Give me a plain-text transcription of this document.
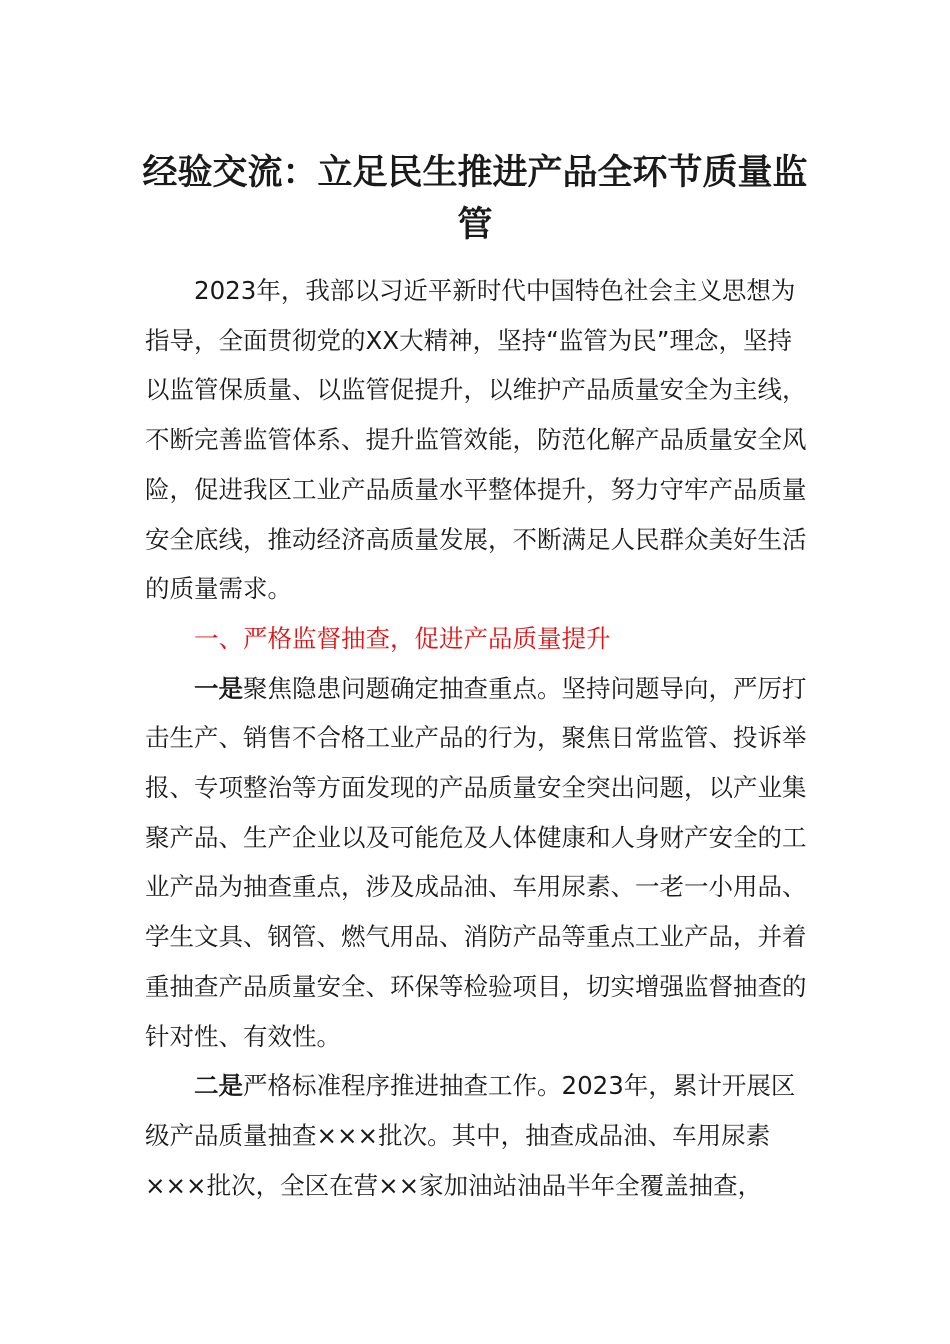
经验交流：立足民生推进产品全环节质量监管

2023年，我部以习近平新时代中国特色社会主义思想为指导，全面贯彻党的XX大精神，坚持“监管为民”理念，坚持以监管保质量、以监管促提升，以维护产品质量安全为主线，不断完善监管体系、提升监管效能，防范化解产品质量安全风险，促进我区工业产品质量水平整体提升，努力守牢产品质量安全底线，推动经济高质量发展，不断满足人民群众美好生活的质量需求。

一、严格监督抽查，促进产品质量提升

一是聚焦隐患问题确定抽查重点。坚持问题导向，严厉打击生产、销售不合格工业产品的行为，聚焦日常监管、投诉举报、专项整治等方面发现的产品质量安全突出问题，以产业集聚产品、生产企业以及可能危及人体健康和人身财产安全的工业产品为抽查重点，涉及成品油、车用尿素、一老一小用品、学生文具、钢管、燃气用品、消防产品等重点工业产品，并着重抽查产品质量安全、环保等检验项目，切实增强监督抽查的针对性、有效性。

二是严格标准程序推进抽查工作。2023年，累计开展区级产品质量抽查×××批次。其中，抽查成品油、车用尿素×××批次，全区在营××家加油站油品半年全覆盖抽查，
